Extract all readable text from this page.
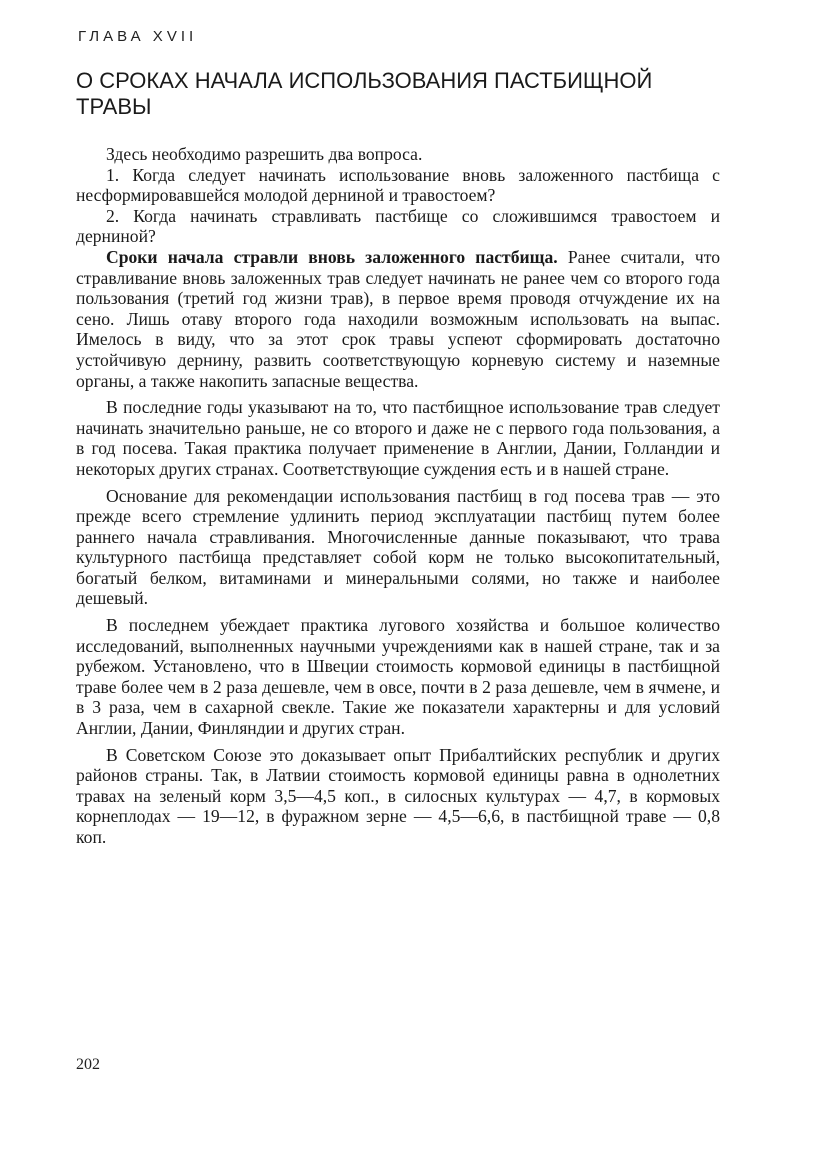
ГЛАВА XVII
О СРОКАХ НАЧАЛА ИСПОЛЬЗОВАНИЯ ПАСТБИЩНОЙ ТРАВЫ

Здесь необходимо разрешить два вопроса.

1. Когда следует начинать использование вновь заложенного пастбища с несформировавшейся молодой дерниной и травостоем?

2. Когда начинать стравливать пастбище со сложившимся травостоем и дерниной?

Сроки начала стравли вновь заложенного пастбища. Ранее считали, что стравливание вновь заложенных трав следует начинать не ранее чем со второго года пользования (третий год жизни трав), в первое время проводя отчуждение их на сено. Лишь отаву второго года находили возможным использовать на выпас. Имелось в виду, что за этот срок травы успеют сформировать достаточно устойчивую дернину, развить соответствующую корневую систему и наземные органы, а также накопить запасные вещества.

В последние годы указывают на то, что пастбищное использование трав следует начинать значительно раньше, не со второго и даже не с первого года пользования, а в год посева. Такая практика получает применение в Англии, Дании, Голландии и некоторых других странах. Соответствующие суждения есть и в нашей стране.

Основание для рекомендации использования пастбищ в год посева трав — это прежде всего стремление удлинить период эксплуатации пастбищ путем более раннего начала стравливания. Многочисленные данные показывают, что трава культурного пастбища представляет собой корм не только высокопитательный, богатый белком, витаминами и минеральными солями, но также и наиболее дешевый.

В последнем убеждает практика лугового хозяйства и большое количество исследований, выполненных научными учреждениями как в нашей стране, так и за рубежом. Установлено, что в Швеции стоимость кормовой единицы в пастбищной траве более чем в 2 раза дешевле, чем в овсе, почти в 2 раза дешевле, чем в ячмене, и в 3 раза, чем в сахарной свекле. Такие же показатели характерны и для условий Англии, Дании, Финляндии и других стран.

В Советском Союзе это доказывает опыт Прибалтийских республик и других районов страны. Так, в Латвии стоимость кормовой единицы равна в однолетних травах на зеленый корм 3,5—4,5 коп., в силосных культурах — 4,7, в кормовых корнеплодах — 19—12, в фуражном зерне — 4,5—6,6, в пастбищной траве — 0,8 коп.

202
